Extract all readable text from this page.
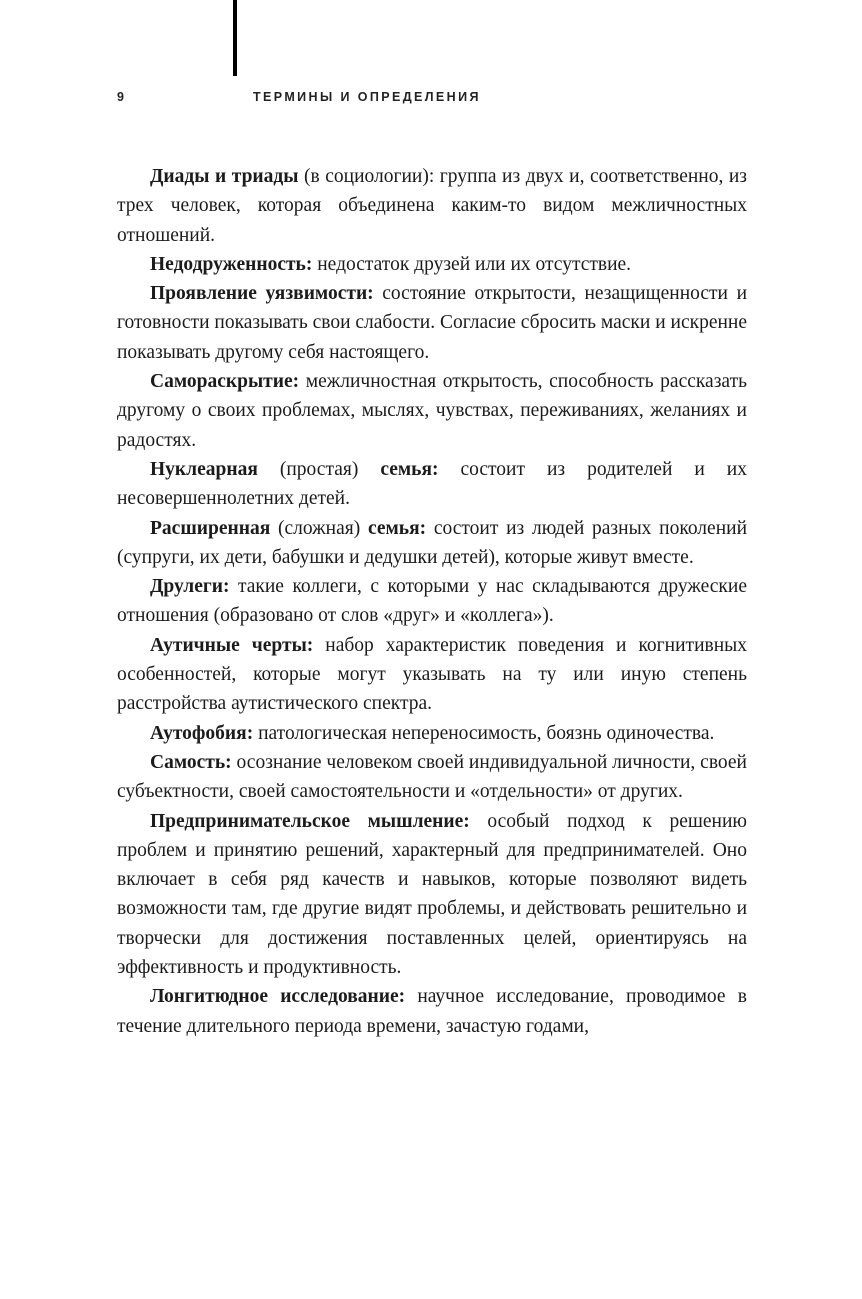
9	ТЕРМИНЫ И ОПРЕДЕЛЕНИЯ

Диады и триады (в социологии): группа из двух и, соответственно, из трех человек, которая объединена каким-то видом межличностных отношений.

Недодруженность: недостаток друзей или их отсутствие.

Проявление уязвимости: состояние открытости, незащищенности и готовности показывать свои слабости. Согласие сбросить маски и искренне показывать другому себя настоящего.

Самораскрытие: межличностная открытость, способность рассказать другому о своих проблемах, мыслях, чувствах, переживаниях, желаниях и радостях.

Нуклеарная (простая) семья: состоит из родителей и их несовершеннолетних детей.

Расширенная (сложная) семья: состоит из людей разных поколений (супруги, их дети, бабушки и дедушки детей), которые живут вместе.

Друлеги: такие коллеги, с которыми у нас складываются дружеские отношения (образовано от слов «друг» и «коллега»).

Аутичные черты: набор характеристик поведения и когнитивных особенностей, которые могут указывать на ту или иную степень расстройства аутистического спектра.

Аутофобия: патологическая непереносимость, боязнь одиночества.

Самость: осознание человеком своей индивидуальной личности, своей субъектности, своей самостоятельности и «отдельности» от других.

Предпринимательское мышление: особый подход к решению проблем и принятию решений, характерный для предпринимателей. Оно включает в себя ряд качеств и навыков, которые позволяют видеть возможности там, где другие видят проблемы, и действовать решительно и творчески для достижения поставленных целей, ориентируясь на эффективность и продуктивность.

Лонгитюдное исследование: научное исследование, проводимое в течение длительного периода времени, зачастую годами,
